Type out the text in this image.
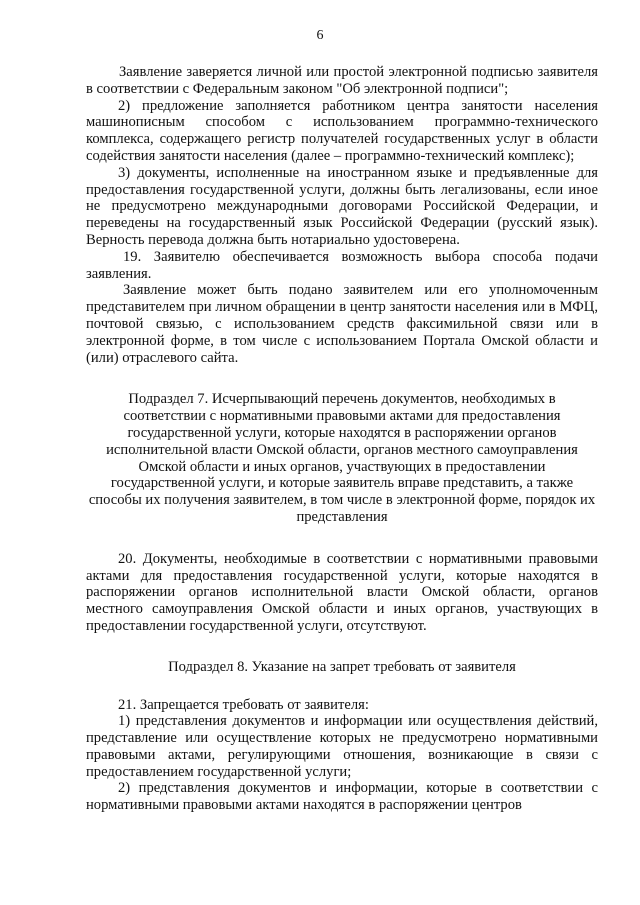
6

Заявление заверяется личной или простой электронной подписью заявителя в соответствии с Федеральным законом "Об электронной подписи";

2) предложение заполняется работником центра занятости населения машинописным способом с использованием программно-технического комплекса, содержащего регистр получателей государственных услуг в области содействия занятости населения (далее – программно-технический комплекс);

3) документы, исполненные на иностранном языке и предъявленные для предоставления государственной услуги, должны быть легализованы, если иное не предусмотрено международными договорами Российской Федерации, и переведены на государственный язык Российской Федерации (русский язык). Верность перевода должна быть нотариально удостоверена.

19. Заявителю обеспечивается возможность выбора способа подачи заявления.

Заявление может быть подано заявителем или его уполномоченным представителем при личном обращении в центр занятости населения или в МФЦ, почтовой связью, с использованием средств факсимильной связи или в электронной форме, в том числе с использованием Портала Омской области и (или) отраслевого сайта.

Подраздел 7. Исчерпывающий перечень документов, необходимых в соответствии с нормативными правовыми актами для предоставления государственной услуги, которые находятся в распоряжении органов исполнительной власти Омской области, органов местного самоуправления Омской области и иных органов, участвующих в предоставлении государственной услуги, и которые заявитель вправе представить, а также способы их получения заявителем, в том числе в электронной форме, порядок их представления

20. Документы, необходимые в соответствии с нормативными правовыми актами для предоставления государственной услуги, которые находятся в распоряжении органов исполнительной власти Омской области, органов местного самоуправления Омской области и иных органов, участвующих в предоставлении государственной услуги, отсутствуют.

Подраздел 8. Указание на запрет требовать от заявителя

21. Запрещается требовать от заявителя:

1) представления документов и информации или осуществления действий, представление или осуществление которых не предусмотрено нормативными правовыми актами, регулирующими отношения, возникающие в связи с предоставлением государственной услуги;

2) представления документов и информации, которые в соответствии с нормативными правовыми актами находятся в распоряжении центров
